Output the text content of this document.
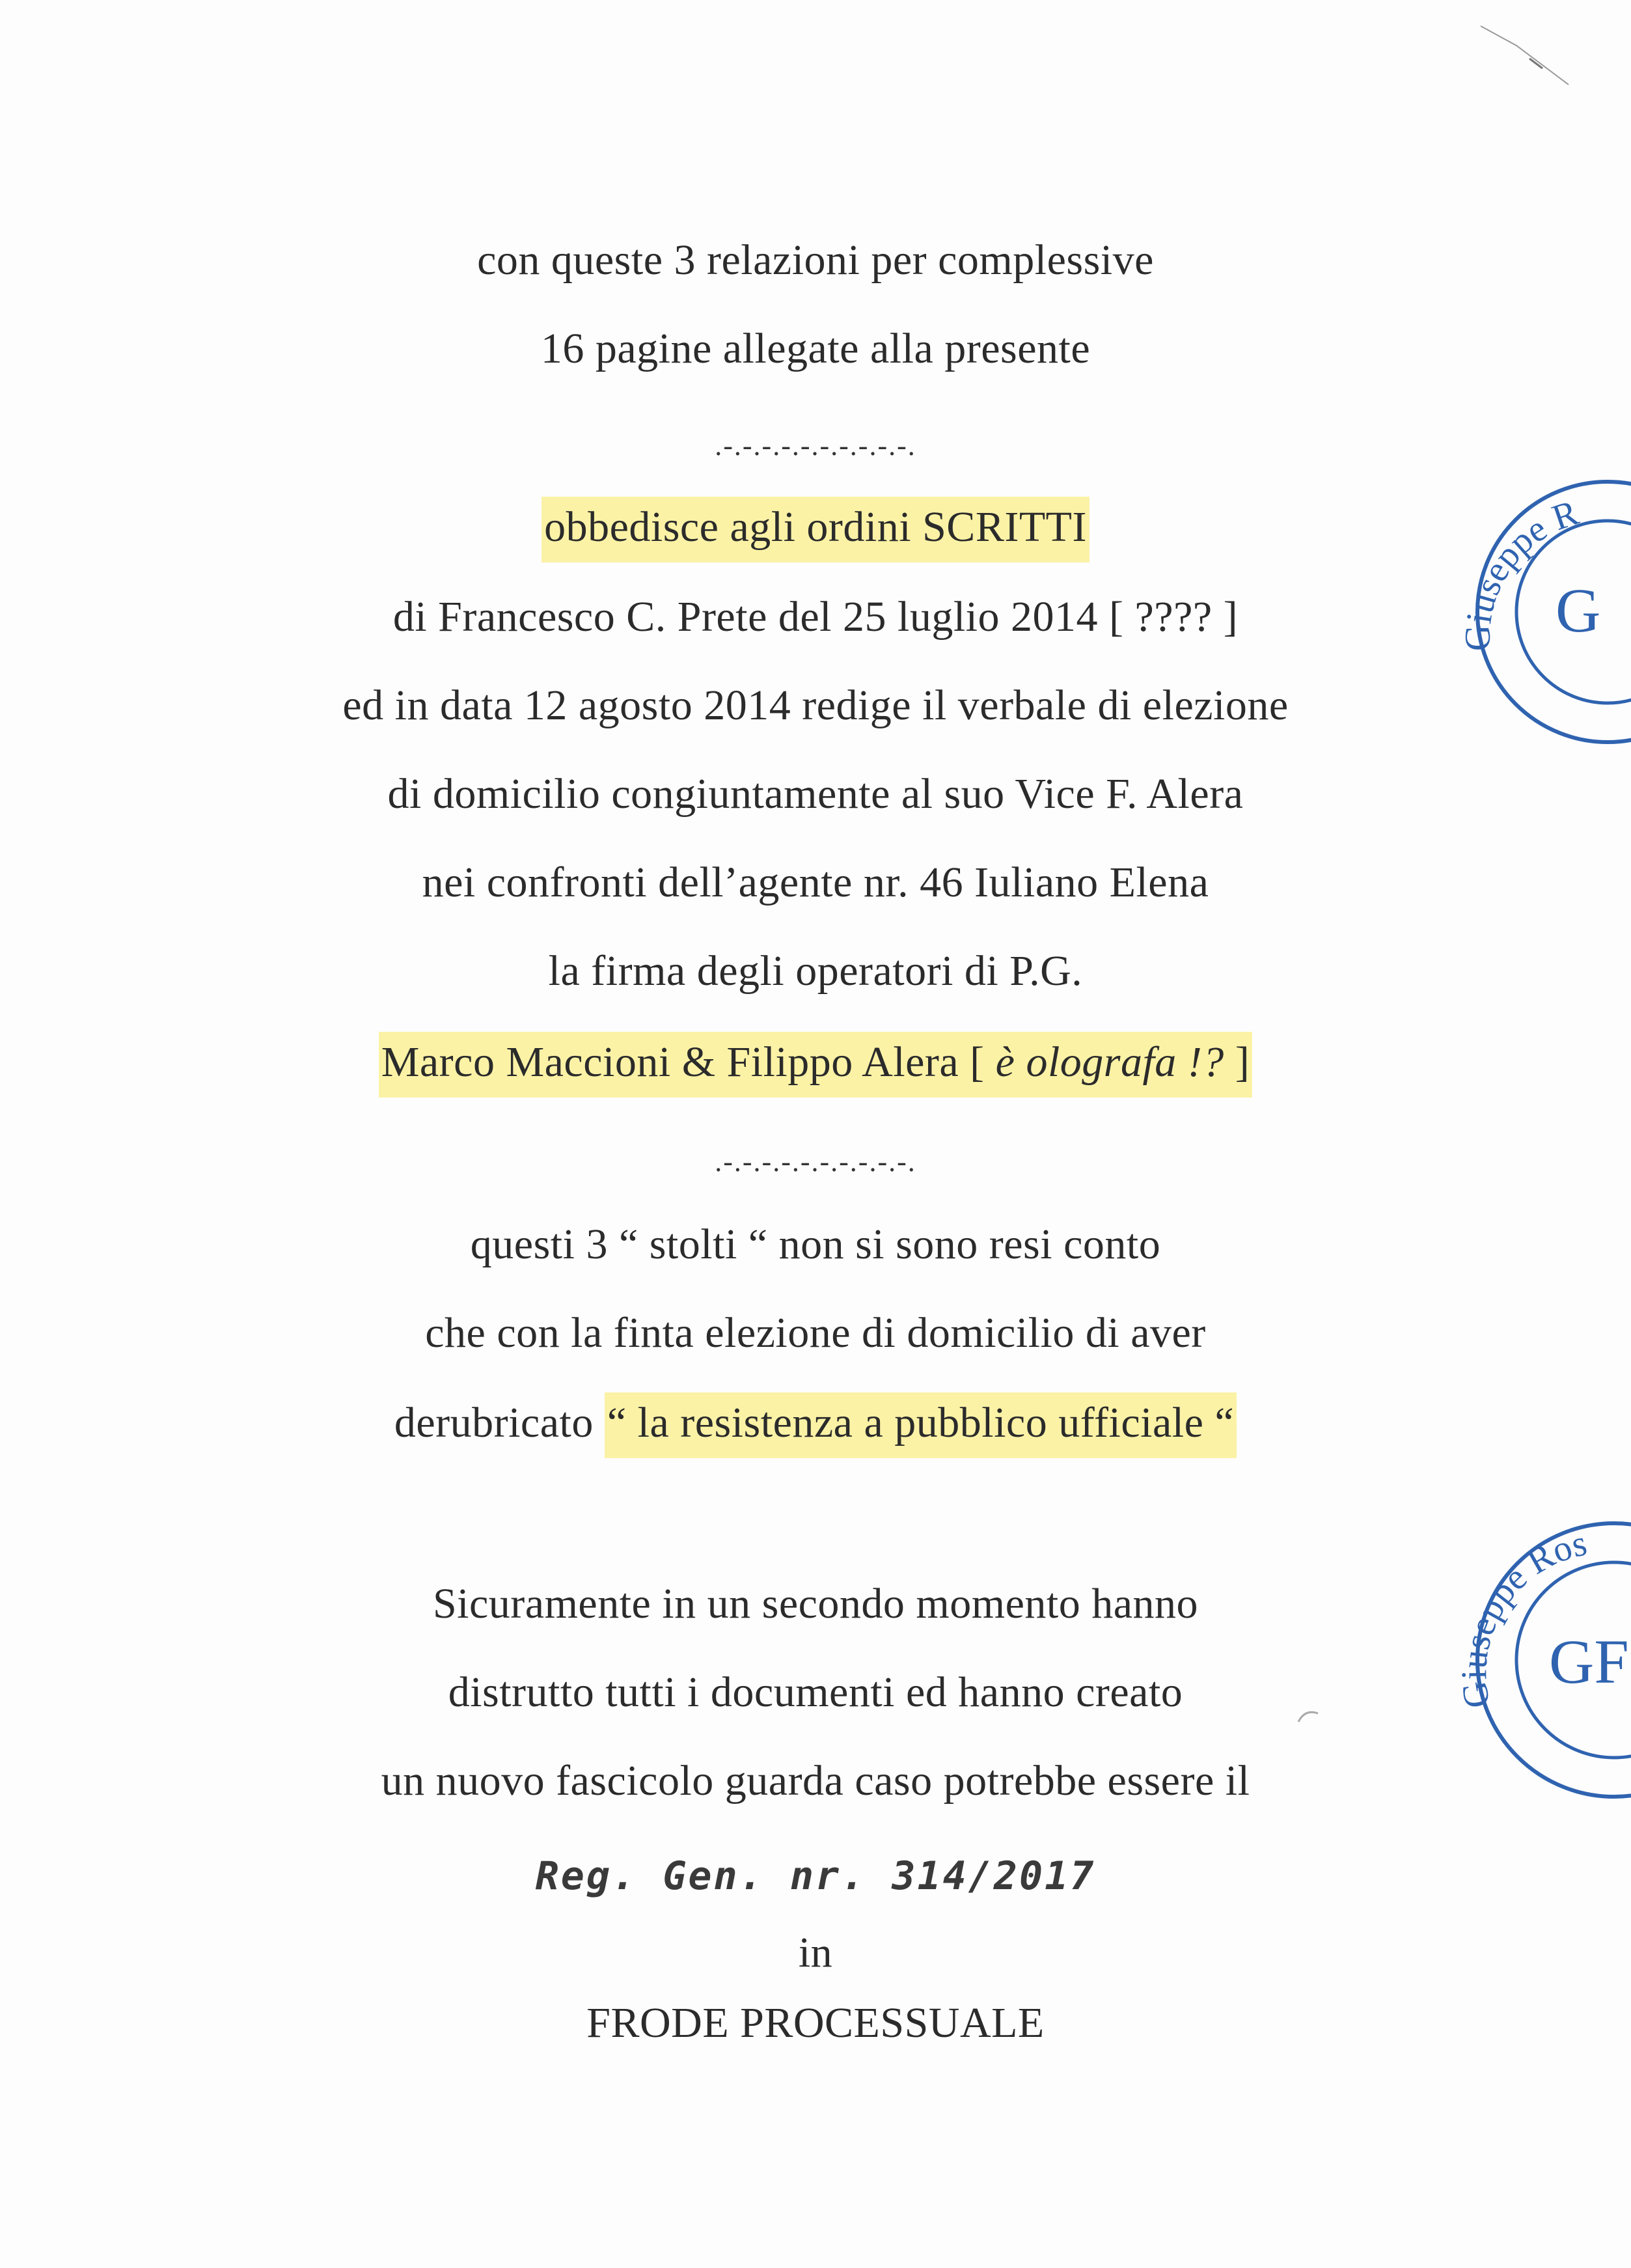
con queste 3 relazioni per complessive
16 pagine allegate alla presente
.-.-.-.-.-.-.-.-.-.-.
obbedisce agli ordini SCRITTI
di Francesco C. Prete del 25 luglio 2014 [ ???? ]
ed in data 12 agosto 2014 redige il verbale di elezione
di domicilio congiuntamente al suo Vice F. Alera
nei confronti dell’agente nr. 46 Iuliano Elena
la firma degli operatori di P.G.
Marco Maccioni & Filippo Alera [ è olografa !? ]
.-.-.-.-.-.-.-.-.-.-.
questi 3 “ stolti “ non si sono resi conto
che con la finta elezione di domicilio di aver
derubricato “ la resistenza a pubblico ufficiale “
Sicuramente in un secondo momento hanno
distrutto tutti i documenti ed hanno creato
un nuovo fascicolo guarda caso potrebbe essere il
Reg. Gen. nr. 314/2017
in
FRODE PROCESSUALE
Giuseppe R
G
Giuseppe Ros
GF
